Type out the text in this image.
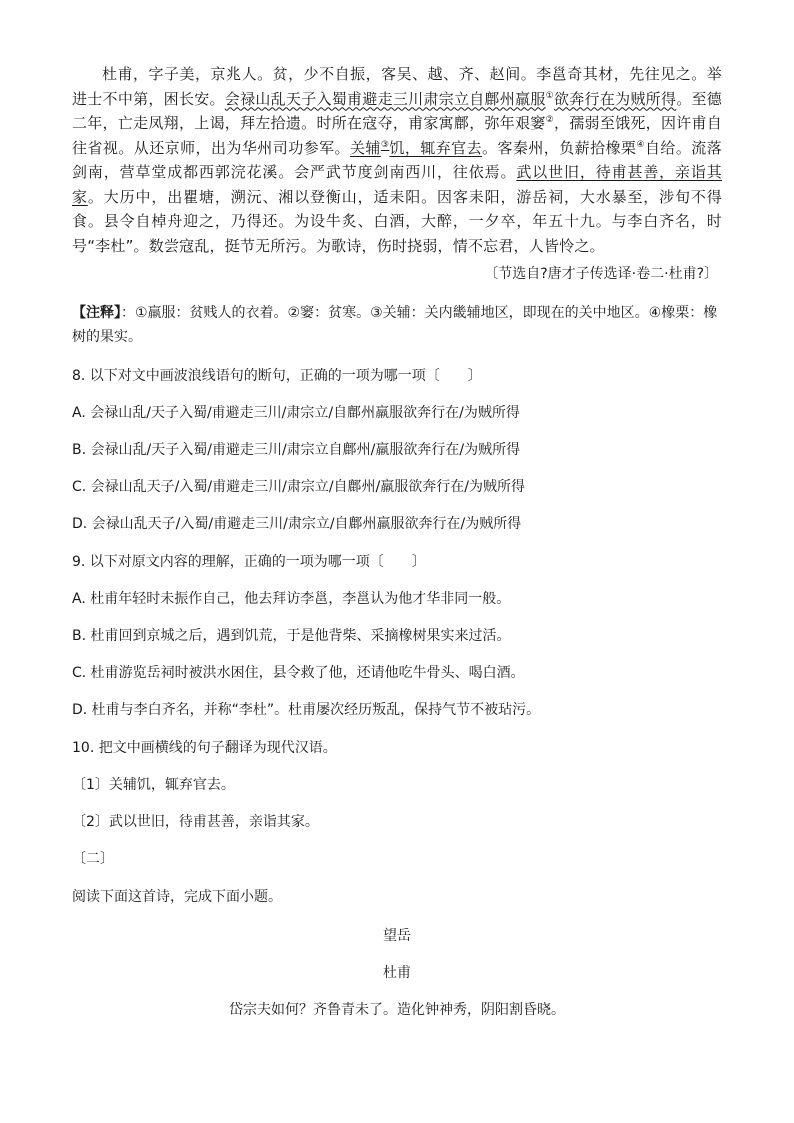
杜甫，字子美，京兆人。贫，少不自振，客吴、越、齐、赵间。李邕奇其材，先往见之。举进士不中第，困长安。会禄山乱天子入蜀甫避走三川肃宗立自鄜州羸服①欲奔行在为贼所得。至德二年，亡走凤翔，上谒，拜左拾遗。时所在寇夺，甫家寓鄜，弥年艰窭②，孺弱至饿死，因许甫自往省视。从还京师，出为华州司功参军。关辅③饥，辄弃官去。客秦州，负薪拾橡栗④自给。流落剑南，营草堂成都西郭浣花溪。会严武节度剑南西川，往依焉。武以世旧，待甫甚善，亲诣其家。大历中，出瞿塘，溯沅、湘以登衡山，适耒阳。因客耒阳，游岳祠，大水暴至，涉旬不得食。县令自棹舟迎之，乃得还。为设牛炙、白酒，大醉，一夕卒，年五十九。与李白齐名，时号“李杜”。数尝寇乱，挺节无所污。为歌诗，伤时挠弱，情不忘君，人皆怜之。

〔节选自?唐才子传选译·卷二·杜甫?〕

【注释】：①羸服：贫贱人的衣着。②窭：贫寒。③关辅：关内畿辅地区，即现在的关中地区。④橡栗：橡树的果实。

8. 以下对文中画波浪线语句的断句，正确的一项为哪一项〔　　〕

A. 会禄山乱/天子入蜀/甫避走三川/肃宗立/自鄜州羸服欲奔行在/为贼所得

B. 会禄山乱/天子入蜀/甫避走三川/肃宗立自鄜州/羸服欲奔行在/为贼所得

C. 会禄山乱天子/入蜀/甫避走三川/肃宗立/自鄜州/羸服欲奔行在/为贼所得

D. 会禄山乱天子/入蜀/甫避走三川/肃宗立/自鄜州羸服欲奔行在/为贼所得

9. 以下对原文内容的理解，正确的一项为哪一项〔　　〕

A. 杜甫年轻时未振作自己，他去拜访李邕，李邕认为他才华非同一般。

B. 杜甫回到京城之后，遇到饥荒，于是他背柴、采摘橡树果实来过活。

C. 杜甫游览岳祠时被洪水困住，县令救了他，还请他吃牛骨头、喝白酒。

D. 杜甫与李白齐名，并称“李杜”。杜甫屡次经历叛乱，保持气节不被玷污。

10. 把文中画横线的句子翻译为现代汉语。

〔1〕关辅饥，辄弃官去。

〔2〕武以世旧，待甫甚善，亲诣其家。

〔二〕

阅读下面这首诗，完成下面小题。

望岳

杜甫

岱宗夫如何？齐鲁青未了。造化钟神秀，阴阳割昏晓。
